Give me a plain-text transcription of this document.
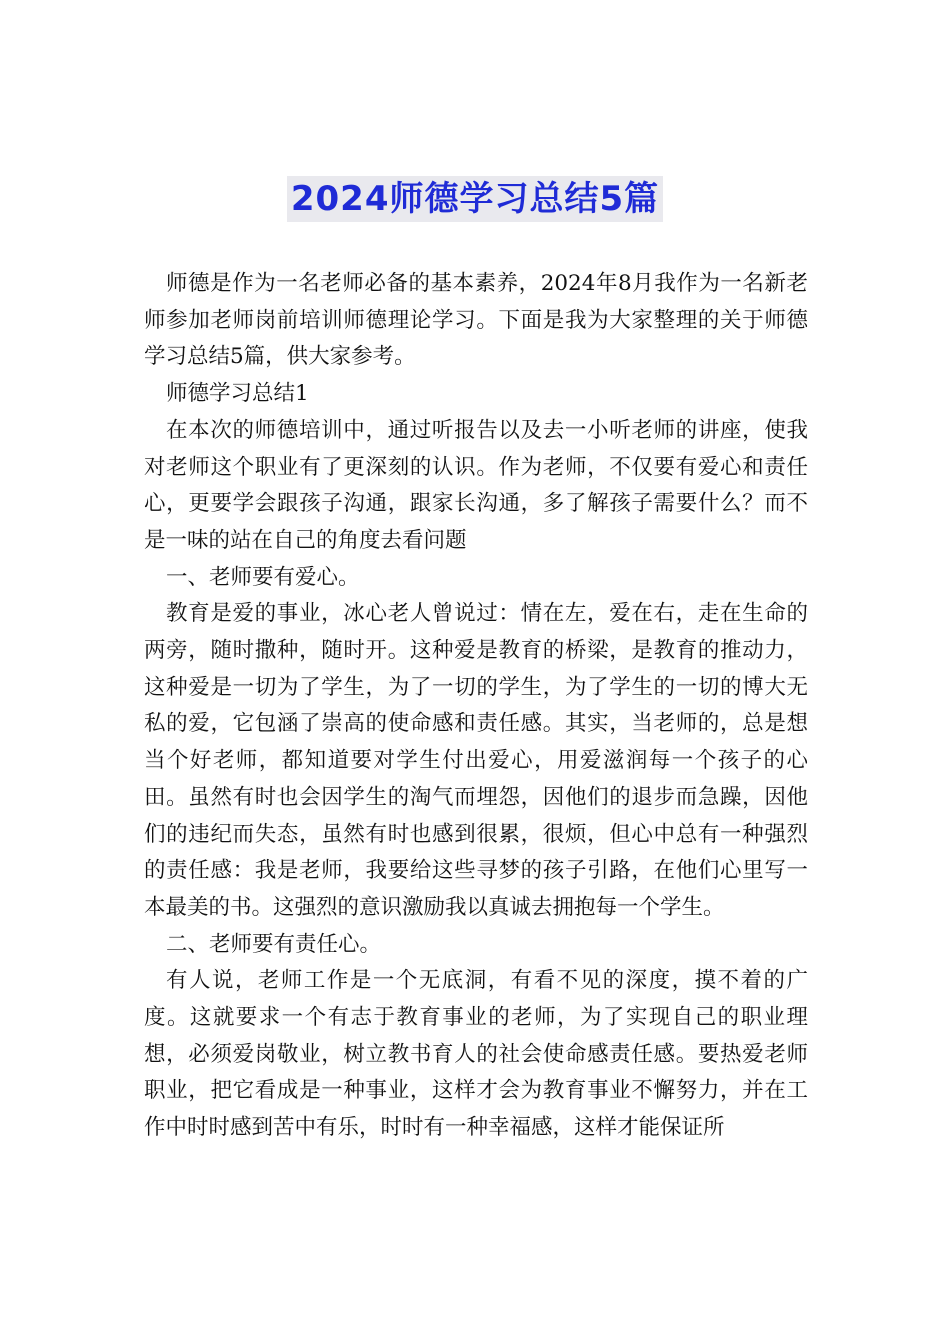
2024师德学习总结5篇

师德是作为一名老师必备的基本素养，2024年8月我作为一名新老师参加老师岗前培训师德理论学习。下面是我为大家整理的关于师德学习总结5篇，供大家参考。

师德学习总结1

在本次的师德培训中，通过听报告以及去一小听老师的讲座，使我对老师这个职业有了更深刻的认识。作为老师，不仅要有爱心和责任心，更要学会跟孩子沟通，跟家长沟通，多了解孩子需要什么？而不是一味的站在自己的角度去看问题

一、老师要有爱心。

教育是爱的事业，冰心老人曾说过：情在左，爱在右，走在生命的两旁，随时撒种，随时开。这种爱是教育的桥梁，是教育的推动力，这种爱是一切为了学生，为了一切的学生，为了学生的一切的博大无私的爱，它包涵了崇高的使命感和责任感。其实，当老师的，总是想当个好老师，都知道要对学生付出爱心，用爱滋润每一个孩子的心田。虽然有时也会因学生的淘气而埋怨，因他们的退步而急躁，因他们的违纪而失态，虽然有时也感到很累，很烦，但心中总有一种强烈的责任感：我是老师，我要给这些寻梦的孩子引路，在他们心里写一本最美的书。这强烈的意识激励我以真诚去拥抱每一个学生。

二、老师要有责任心。

有人说，老师工作是一个无底洞，有看不见的深度，摸不着的广度。这就要求一个有志于教育事业的老师，为了实现自己的职业理想，必须爱岗敬业，树立教书育人的社会使命感责任感。要热爱老师职业，把它看成是一种事业，这样才会为教育事业不懈努力，并在工作中时时感到苦中有乐，时时有一种幸福感，这样才能保证所
